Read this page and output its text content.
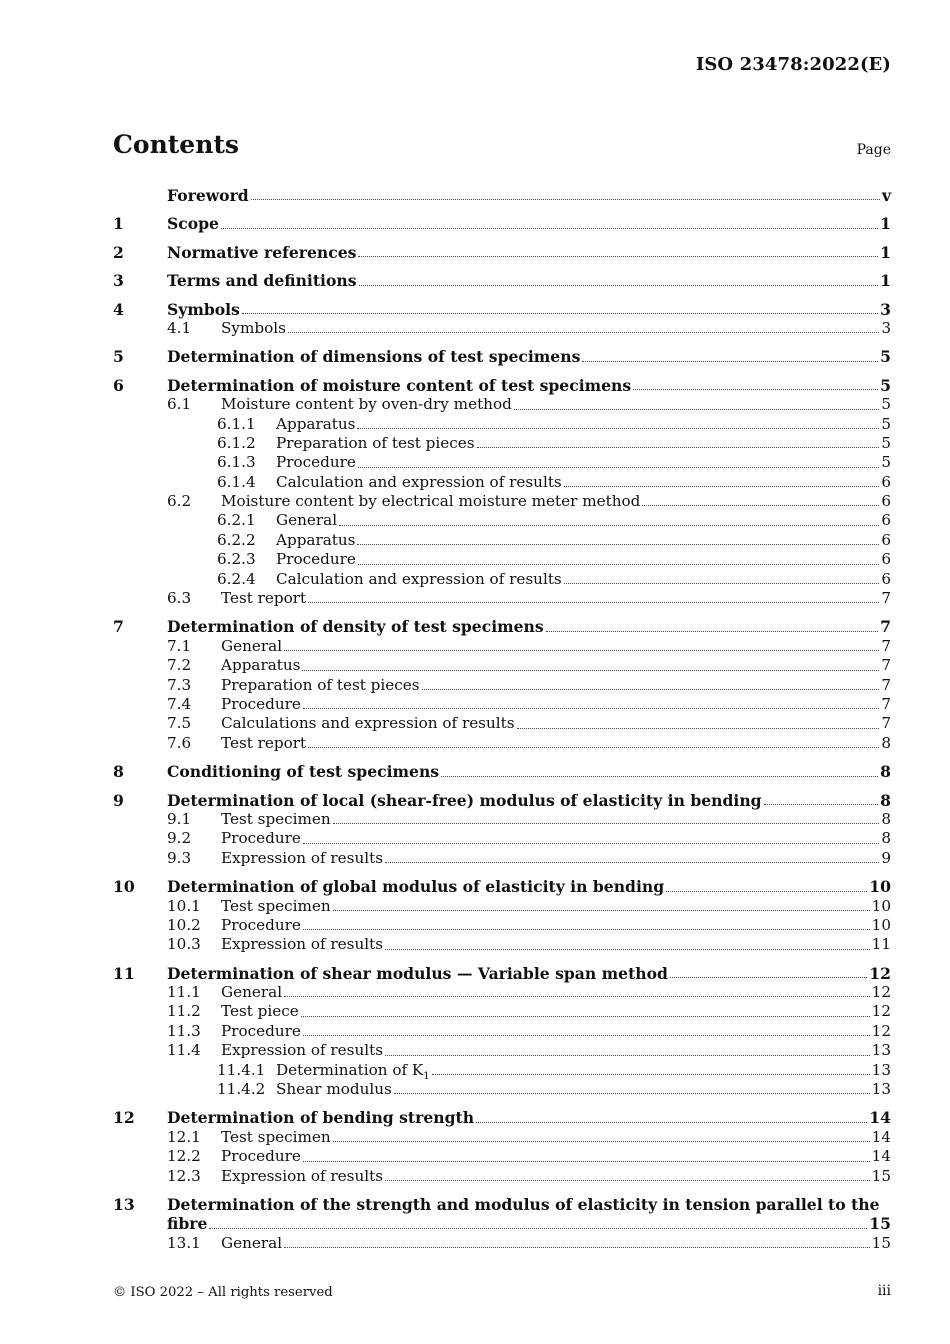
ISO 23478:2022(E)
Contents	Page
Foreword	v
1	Scope	1
2	Normative references	1
3	Terms and definitions	1
4	Symbols	3
4.1	Symbols	3
5	Determination of dimensions of test specimens	5
6	Determination of moisture content of test specimens	5
6.1	Moisture content by oven-dry method	5
6.1.1	Apparatus	5
6.1.2	Preparation of test pieces	5
6.1.3	Procedure	5
6.1.4	Calculation and expression of results	6
6.2	Moisture content by electrical moisture meter method	6
6.2.1	General	6
6.2.2	Apparatus	6
6.2.3	Procedure	6
6.2.4	Calculation and expression of results	6
6.3	Test report	7
7	Determination of density of test specimens	7
7.1	General	7
7.2	Apparatus	7
7.3	Preparation of test pieces	7
7.4	Procedure	7
7.5	Calculations and expression of results	7
7.6	Test report	8
8	Conditioning of test specimens	8
9	Determination of local (shear-free) modulus of elasticity in bending	8
9.1	Test specimen	8
9.2	Procedure	8
9.3	Expression of results	9
10	Determination of global modulus of elasticity in bending	10
10.1	Test specimen	10
10.2	Procedure	10
10.3	Expression of results	11
11	Determination of shear modulus — Variable span method	12
11.1	General	12
11.2	Test piece	12
11.3	Procedure	12
11.4	Expression of results	13
11.4.1 Determination of $K_1$	13
11.4.2 Shear modulus	13
12	Determination of bending strength	14
12.1	Test specimen	14
12.2	Procedure	14
12.3	Expression of results	15
13	Determination of the strength and modulus of elasticity in tension parallel to the
fibre	15
13.1	General	15
© ISO 2022 – All rights reserved	iii
